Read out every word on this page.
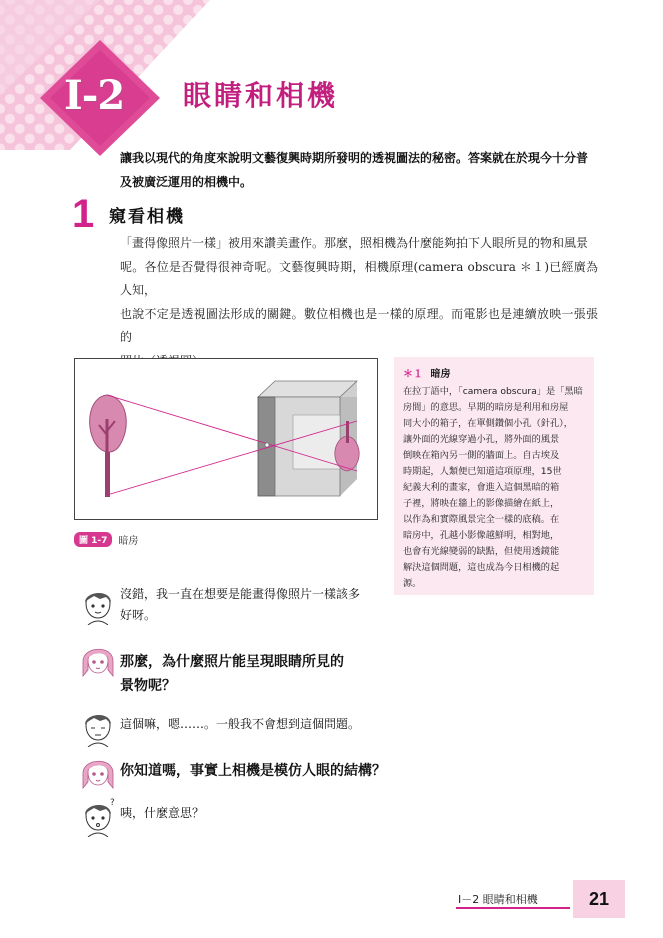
I-2 眼睛和相機
讓我以現代的角度來說明文藝復興時期所發明的透視圖法的秘密。答案就在於現今十分普
及被廣泛運用的相機中。
1 窺看相機
「畫得像照片一樣」被用來讚美畫作。那麼，照相機為什麼能夠拍下人眼所見的物和風景
呢。各位是否覺得很神奇呢。文藝復興時期，相機原理(camera obscura ＊１)已經廣為人知，
也說不定是透視圖法形成的關鍵。數位相機也是一樣的原理。而電影也是連續放映一張張的
圖 1-7	暗房
＊１ 暗房
在拉丁語中，「camera obscura」是「黑暗
房間」的意思。早期的暗房是利用和房屋
同大小的箱子，在單側鑽個小孔（針孔），
讓外面的光線穿過小孔，將外面的風景
倒映在箱內另一側的牆面上。自古埃及
時期起，人類便已知道這項原理，15世
紀義大利的畫家，會進入這個黑暗的箱
子裡，將映在牆上的影像描繪在紙上，
以作為和實際風景完全一樣的底稿。在
暗房中，孔越小影像越鮮明，相對地，
也會有光線變弱的缺點，但使用透鏡能
解決這個問題，這也成為今日相機的起
源。
沒錯，我一直在想要是能畫得像照片一樣該多
好呀。
那麼，為什麼照片能呈現眼睛所見的
景物呢？
這個嘛，嗯……。一般我不會想到這個問題。
你知道嗎，事實上相機是模仿人眼的結構？
?
咦，什麼意思？
I－2 眼睛和相機	21
